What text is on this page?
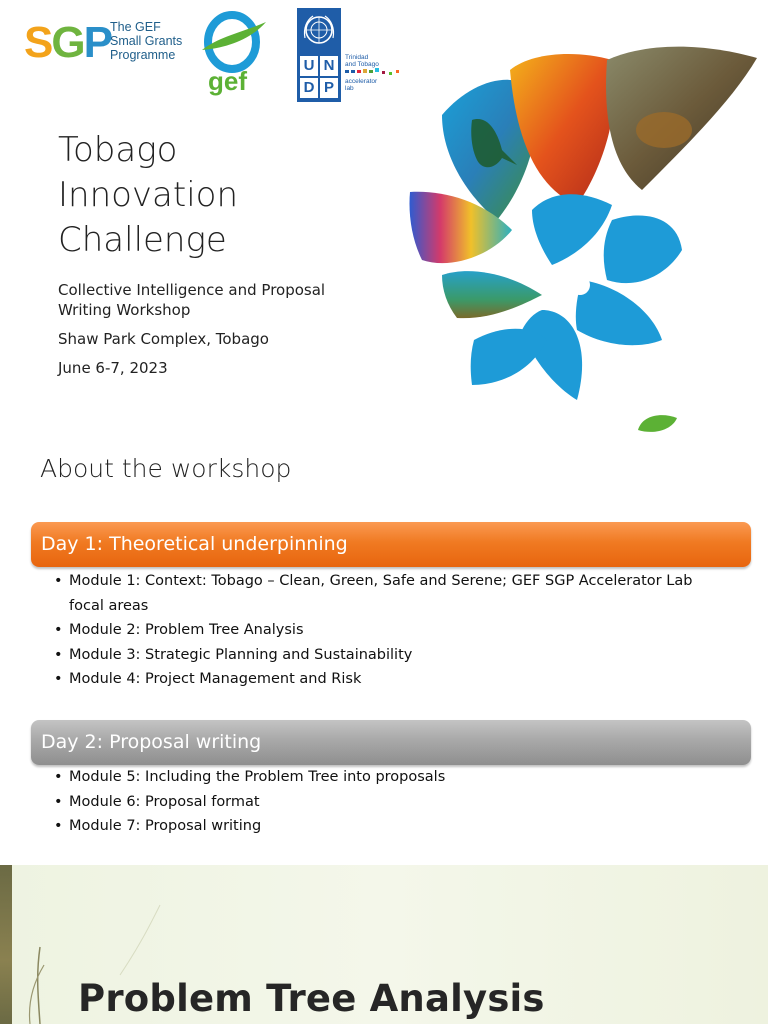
SGP The GEF
Small Grants
Programme
gef
U N
D P
Trinidad
and Tobago
accelerator
lab
Tobago
Innovation
Challenge

Collective Intelligence and Proposal Writing Workshop

Shaw Park Complex, Tobago

June 6-7, 2023

About the workshop
Day 1: Theoretical underpinning
• Module 1: Context: Tobago – Clean, Green, Safe and Serene; GEF SGP Accelerator Lab focal areas
• Module 2: Problem Tree Analysis
• Module 3: Strategic Planning and Sustainability
• Module 4: Project Management and Risk
Day 2: Proposal writing
• Module 5: Including the Problem Tree into proposals
• Module 6: Proposal format
• Module 7: Proposal writing
Problem Tree Analysis
